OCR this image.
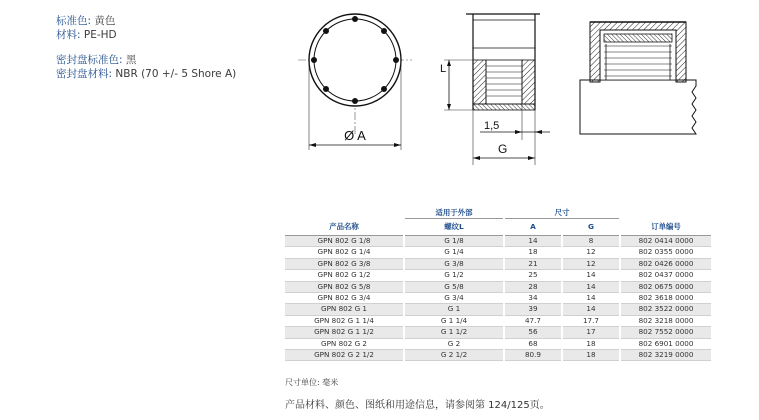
标准色: 黄色
材料: PE-HD
密封盘标准色: 黑
密封盘材料: NBR (70 +/- 5 Shore A)
Ø A
L
1,5
G
	适用于外部	尺寸		
产品名称	螺纹L	A	G	订单编号
GPN 802 G 1/8	G 1/8	14	8	802 0414 0000
GPN 802 G 1/4	G 1/4	18	12	802 0355 0000
GPN 802 G 3/8	G 3/8	21	12	802 0426 0000
GPN 802 G 1/2	G 1/2	25	14	802 0437 0000
GPN 802 G 5/8	G 5/8	28	14	802 0675 0000
GPN 802 G 3/4	G 3/4	34	14	802 3618 0000
GPN 802 G 1	G 1	39	14	802 3522 0000
GPN 802 G 1 1/4	G 1 1/4	47.7	17.7	802 3218 0000
GPN 802 G 1 1/2	G 1 1/2	56	17	802 7552 0000
GPN 802 G 2	G 2	68	18	802 6901 0000
GPN 802 G 2 1/2	G 2 1/2	80.9	18	802 3219 0000
尺寸单位: 毫米
产品材料、颜色、图纸和用途信息，请参阅第 124/125页。
